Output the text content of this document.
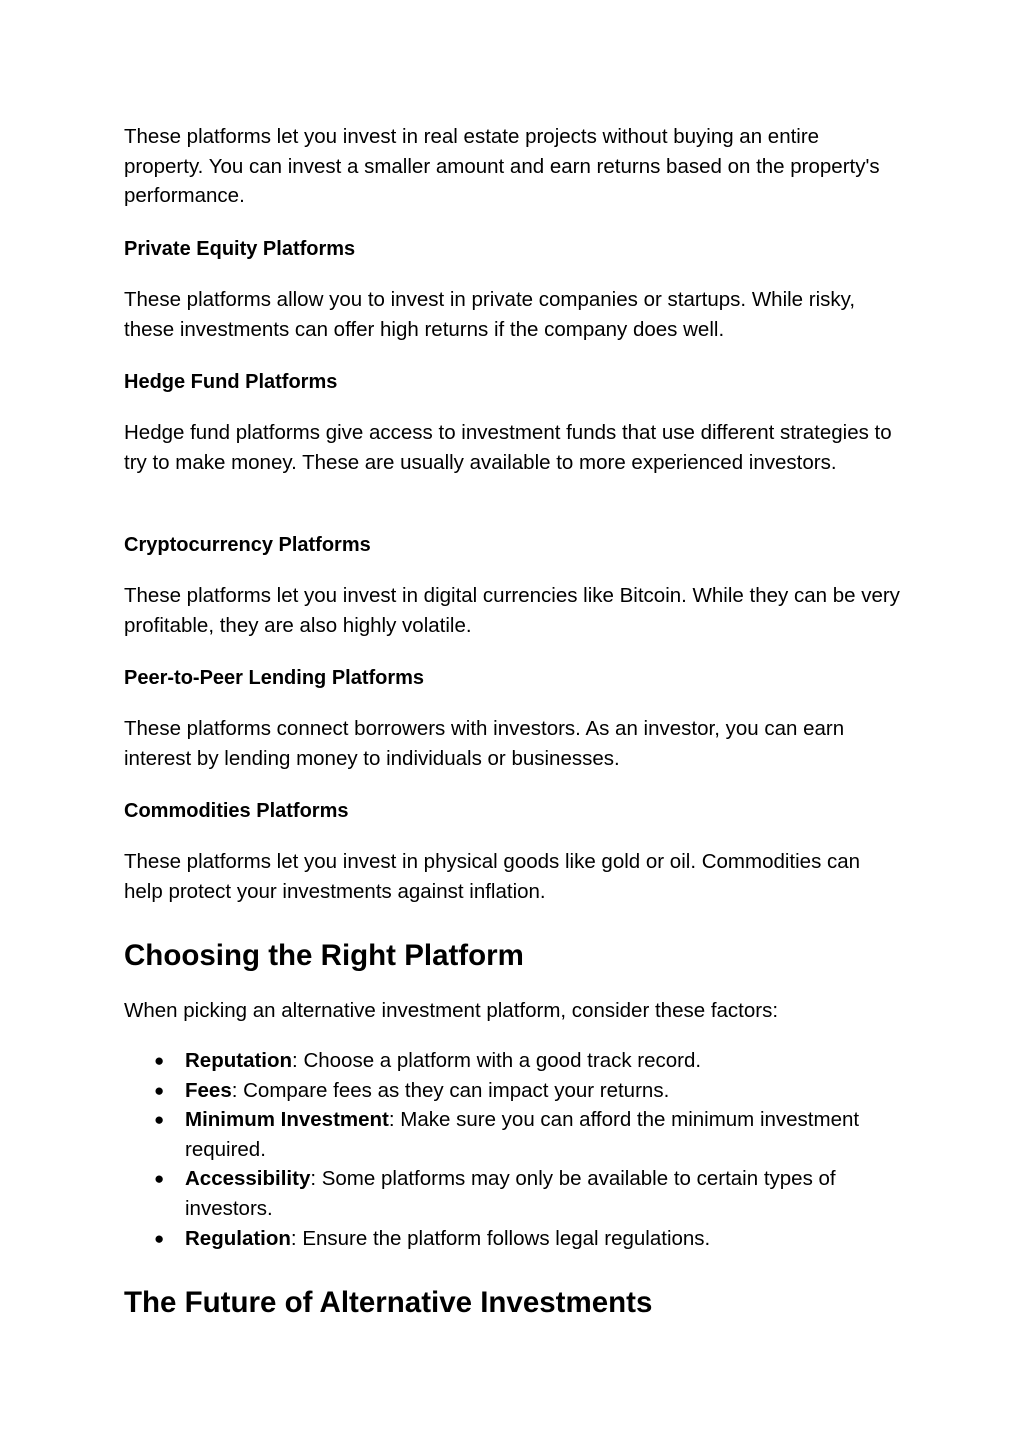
These platforms let you invest in real estate projects without buying an entire property. You can invest a smaller amount and earn returns based on the property's performance.

Private Equity Platforms

These platforms allow you to invest in private companies or startups. While risky, these investments can offer high returns if the company does well.

Hedge Fund Platforms

Hedge fund platforms give access to investment funds that use different strategies to try to make money. These are usually available to more experienced investors.

Cryptocurrency Platforms

These platforms let you invest in digital currencies like Bitcoin. While they can be very profitable, they are also highly volatile.

Peer-to-Peer Lending Platforms

These platforms connect borrowers with investors. As an investor, you can earn interest by lending money to individuals or businesses.

Commodities Platforms

These platforms let you invest in physical goods like gold or oil. Commodities can help protect your investments against inflation.

Choosing the Right Platform

When picking an alternative investment platform, consider these factors:

● Reputation: Choose a platform with a good track record.
● Fees: Compare fees as they can impact your returns.
● Minimum Investment: Make sure you can afford the minimum investment required.
● Accessibility: Some platforms may only be available to certain types of investors.
● Regulation: Ensure the platform follows legal regulations.
The Future of Alternative Investments
